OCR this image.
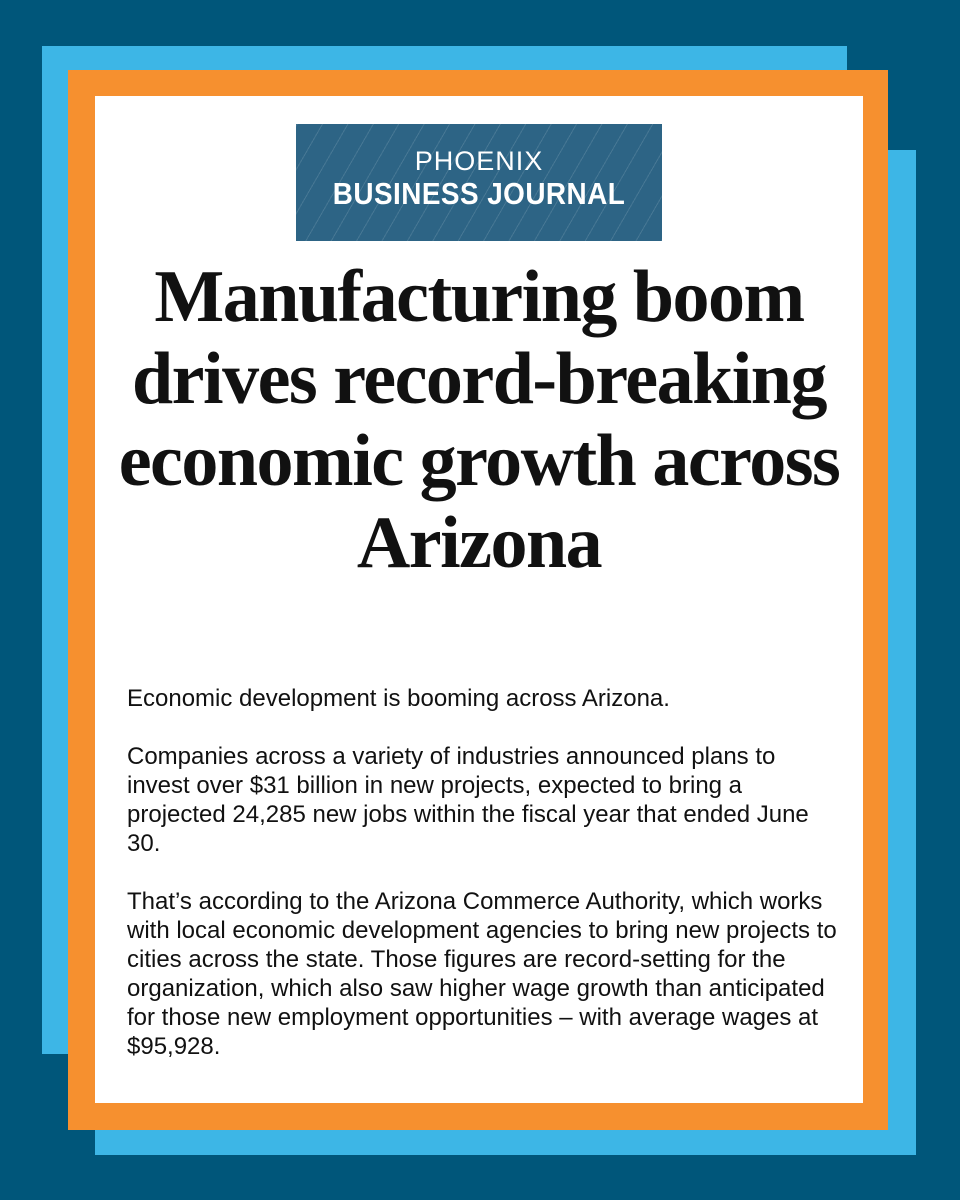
PHOENIX
BUSINESS JOURNAL
Manufacturing boom drives record-breaking economic growth across Arizona

Economic development is booming across Arizona.

Companies across a variety of industries announced plans to invest over $31 billion in new projects, expected to bring a projected 24,285 new jobs within the fiscal year that ended June 30.

That’s according to the Arizona Commerce Authority, which works with local economic development agencies to bring new projects to cities across the state. Those figures are record-setting for the organization, which also saw higher wage growth than anticipated for those new employment opportunities – with average wages at $95,928.
